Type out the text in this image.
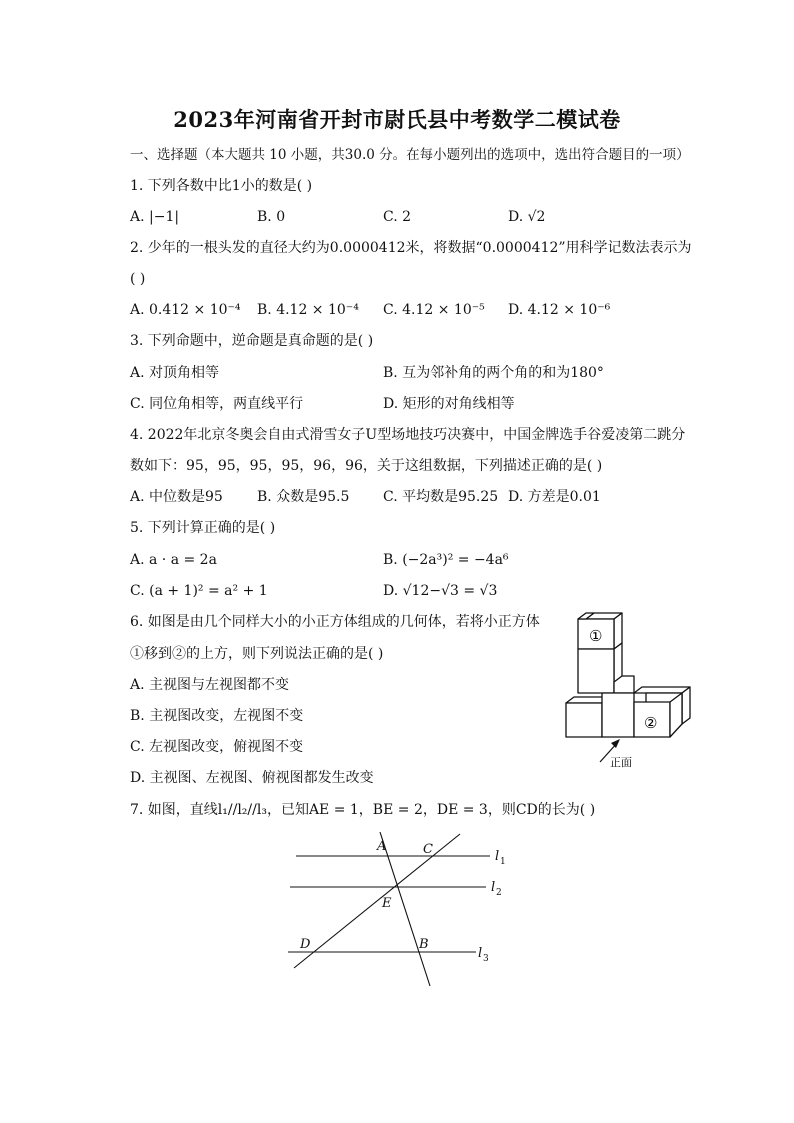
2023年河南省开封市尉氏县中考数学二模试卷
一、选择题（本大题共 10 小题，共30.0 分。在每小题列出的选项中，选出符合题目的一项）
1. 下列各数中比1小的数是( )
A. |−1|	B. 0	C. 2	D. √2
2. 少年的一根头发的直径大约为0.0000412米，将数据“0.0000412”用科学记数法表示为
( )
A. 0.412 × 10⁻⁴ B. 4.12 × 10⁻⁴ C. 4.12 × 10⁻⁵ D. 4.12 × 10⁻⁶
3. 下列命题中，逆命题是真命题的是( )
A. 对顶角相等	B. 互为邻补角的两个角的和为180°
C. 同位角相等，两直线平行	D. 矩形的对角线相等
4. 2022年北京冬奥会自由式滑雪女子U型场地技巧决赛中，中国金牌选手谷爱凌第二跳分
数如下：95，95，95，95，96，96，关于这组数据，下列描述正确的是( )
A. 中位数是95 B. 众数是95.5 C. 平均数是95.25 D. 方差是0.01
5. 下列计算正确的是( )
A. a · a = 2a	B. (−2a³)² = −4a⁶
C. (a + 1)² = a² + 1	D. √12−√3 = √3
6. 如图是由几个同样大小的小正方体组成的几何体，若将小正方体
①移到②的上方，则下列说法正确的是( )
A. 主视图与左视图都不变
B. 主视图改变，左视图不变
C. 左视图改变，俯视图不变
D. 主视图、左视图、俯视图都发生改变
①
②
正面
7. 如图，直线l₁//l₂//l₃，已知AE = 1，BE = 2，DE = 3，则CD的长为( )
A	C
E
D	B
l
l
l
1
2
3
